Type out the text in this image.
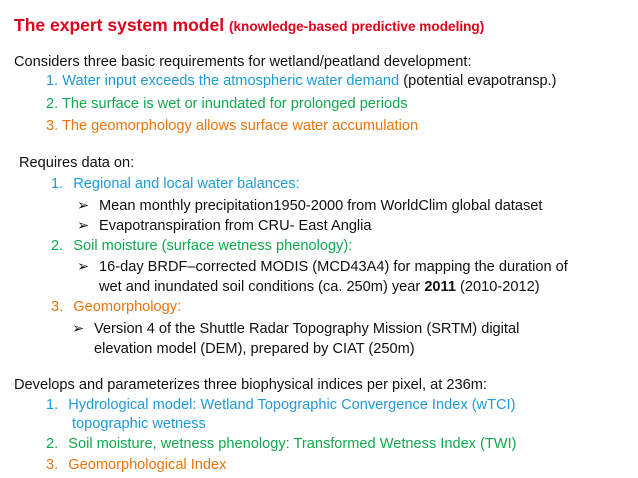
The expert system model (knowledge-based predictive modeling)
Considers three basic requirements for wetland/peatland development:
1. Water input exceeds the atmospheric water demand (potential evapotransp.)
2. The surface is wet or inundated for prolonged periods
3. The geomorphology allows surface water accumulation
Requires data on:
1. Regional and local water balances:
➢ Mean monthly precipitation1950-2000 from WorldClim global dataset
➢ Evapotranspiration from CRU- East Anglia
2. Soil moisture (surface wetness phenology):
➢ 16-day BRDF–corrected MODIS (MCD43A4) for mapping the duration of
wet and inundated soil conditions (ca. 250m) year 2011 (2010-2012)
3. Geomorphology:
➢ Version 4 of the Shuttle Radar Topography Mission (SRTM) digital
elevation model (DEM), prepared by CIAT (250m)
Develops and parameterizes three biophysical indices per pixel, at 236m:
1. Hydrological model: Wetland Topographic Convergence Index (wTCI)
topographic wetness
2. Soil moisture, wetness phenology: Transformed Wetness Index (TWI)
3. Geomorphological Index
